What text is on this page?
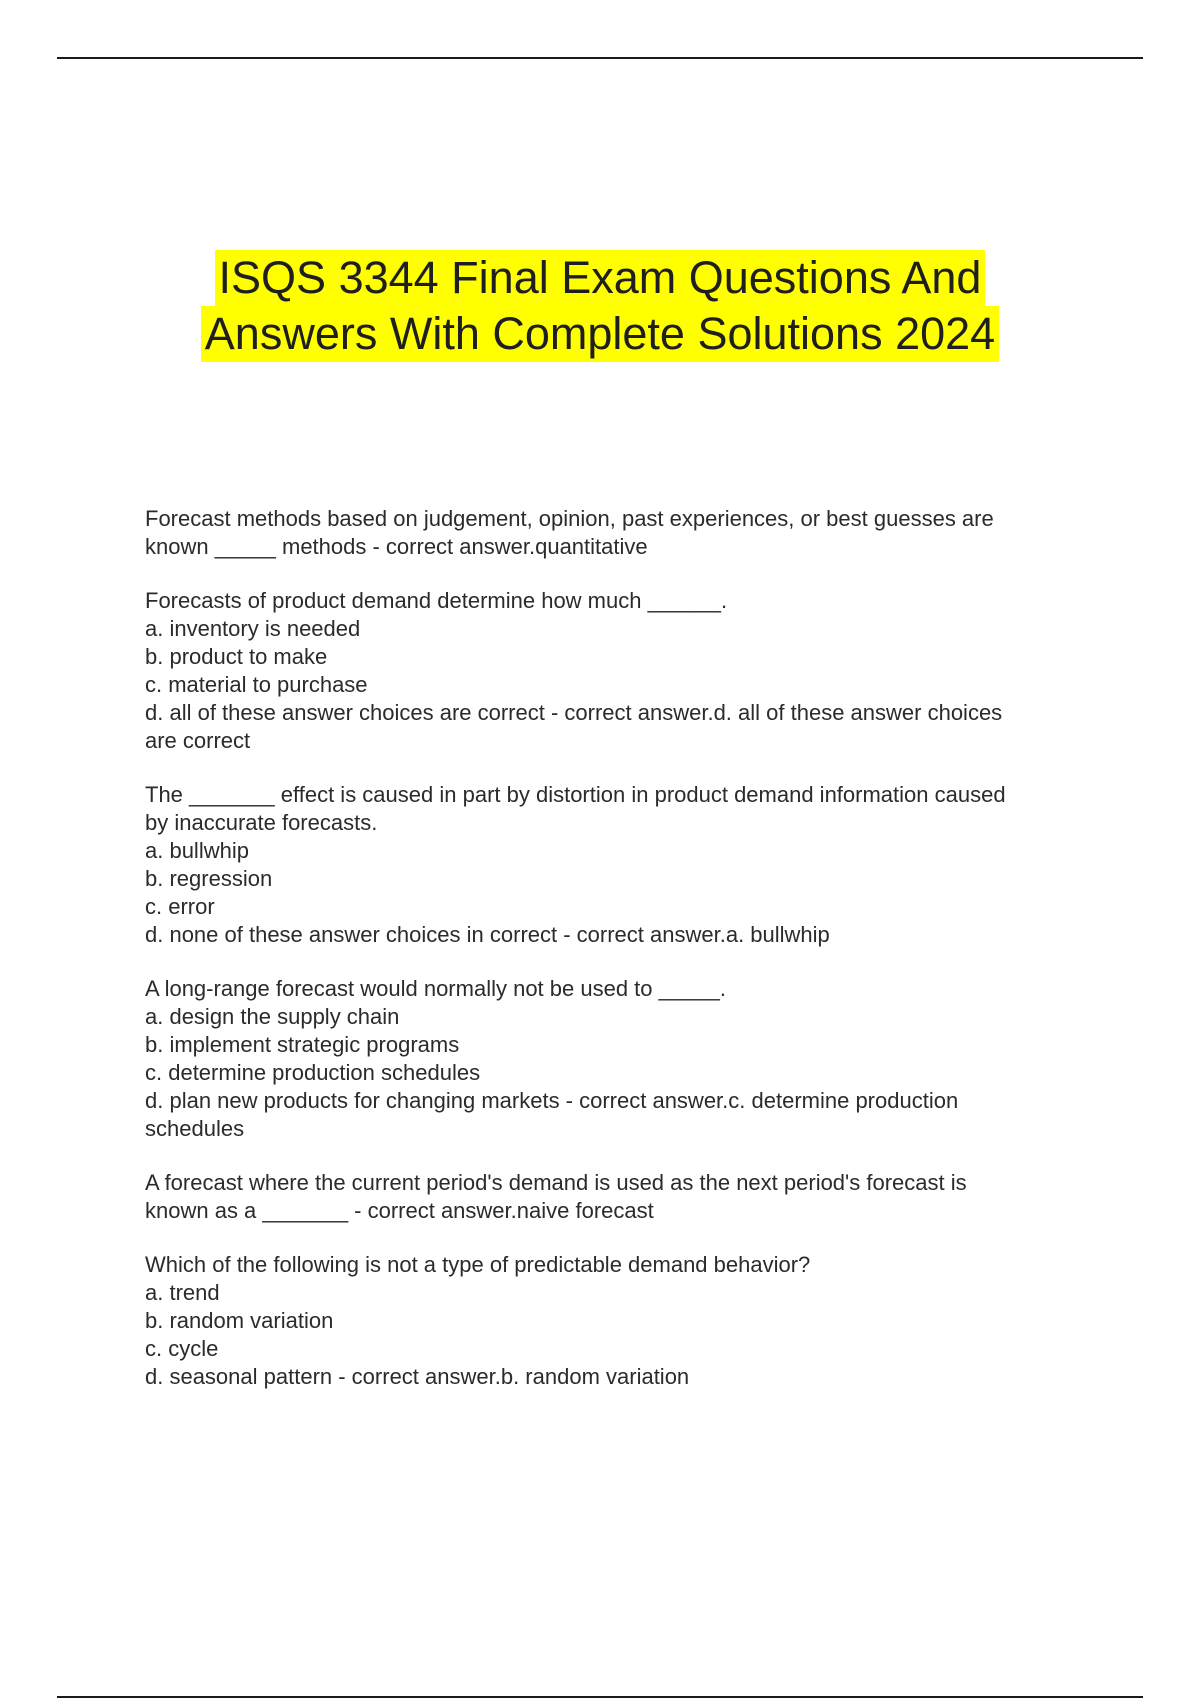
ISQS 3344 Final Exam Questions And
Answers With Complete Solutions 2024
Forecast methods based on judgement, opinion, past experiences, or best guesses are
known _____ methods - correct answer.quantitative
Forecasts of product demand determine how much ______.
a. inventory is needed
b. product to make
c. material to purchase
d. all of these answer choices are correct - correct answer.d. all of these answer choices
are correct
The _______ effect is caused in part by distortion in product demand information caused
by inaccurate forecasts.
a. bullwhip
b. regression
c. error
d. none of these answer choices in correct - correct answer.a. bullwhip
A long-range forecast would normally not be used to _____.
a. design the supply chain
b. implement strategic programs
c. determine production schedules
d. plan new products for changing markets - correct answer.c. determine production
schedules
A forecast where the current period's demand is used as the next period's forecast is
known as a _______ - correct answer.naive forecast
Which of the following is not a type of predictable demand behavior?
a. trend
b. random variation
c. cycle
d. seasonal pattern - correct answer.b. random variation
